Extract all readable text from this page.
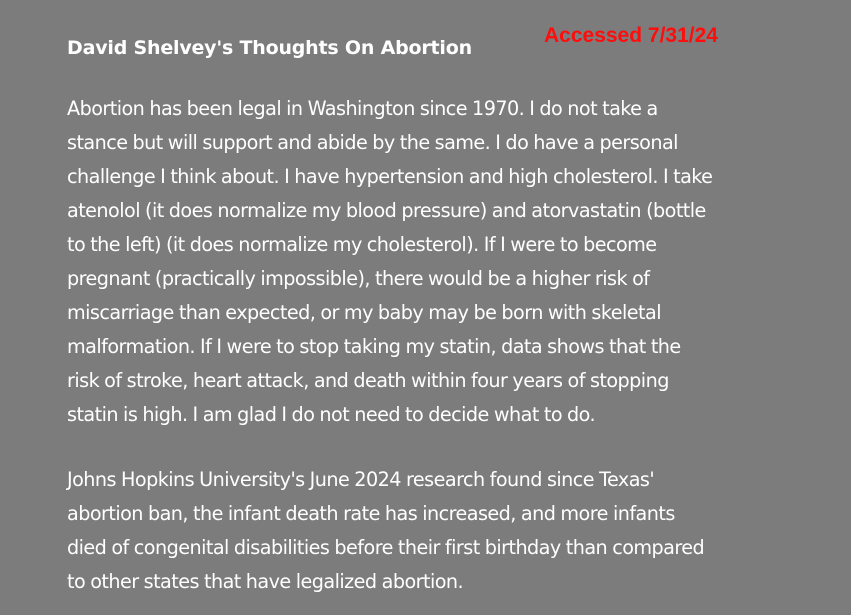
David Shelvey's Thoughts On Abortion
Accessed 7/31/24

Abortion has been legal in Washington since 1970. I do not take a
stance but will support and abide by the same. I do have a personal
challenge I think about. I have hypertension and high cholesterol. I take
atenolol (it does normalize my blood pressure) and atorvastatin (bottle
to the left) (it does normalize my cholesterol). If I were to become
pregnant (practically impossible), there would be a higher risk of
miscarriage than expected, or my baby may be born with skeletal
malformation. If I were to stop taking my statin, data shows that the
risk of stroke, heart attack, and death within four years of stopping
statin is high. I am glad I do not need to decide what to do.

Johns Hopkins University's June 2024 research found since Texas'
abortion ban, the infant death rate has increased, and more infants
died of congenital disabilities before their first birthday than compared
to other states that have legalized abortion.
